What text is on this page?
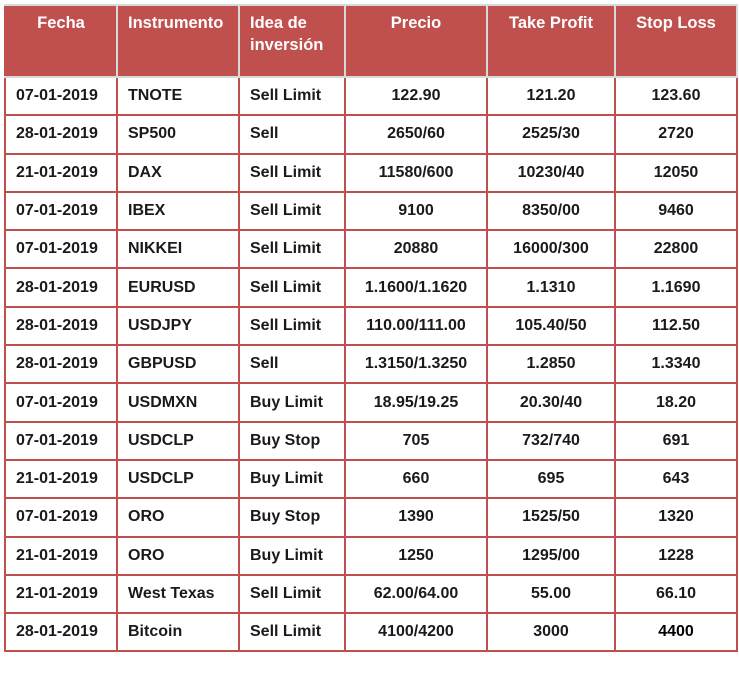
Fecha	Instrumento	Idea de inversión	Precio	Take Profit	Stop Loss
07-01-2019	TNOTE	Sell Limit	122.90	121.20	123.60
28-01-2019	SP500	Sell	2650/60	2525/30	2720
21-01-2019	DAX	Sell Limit	11580/600	10230/40	12050
07-01-2019	IBEX	Sell Limit	9100	8350/00	9460
07-01-2019	NIKKEI	Sell Limit	20880	16000/300	22800
28-01-2019	EURUSD	Sell Limit	1.1600/1.1620	1.1310	1.1690
28-01-2019	USDJPY	Sell Limit	110.00/111.00	105.40/50	112.50
28-01-2019	GBPUSD	Sell	1.3150/1.3250	1.2850	1.3340
07-01-2019	USDMXN	Buy Limit	18.95/19.25	20.30/40	18.20
07-01-2019	USDCLP	Buy Stop	705	732/740	691
21-01-2019	USDCLP	Buy Limit	660	695	643
07-01-2019	ORO	Buy Stop	1390	1525/50	1320
21-01-2019	ORO	Buy Limit	1250	1295/00	1228
21-01-2019	West Texas	Sell Limit	62.00/64.00	55.00	66.10
28-01-2019	Bitcoin	Sell Limit	4100/4200	3000	4400
